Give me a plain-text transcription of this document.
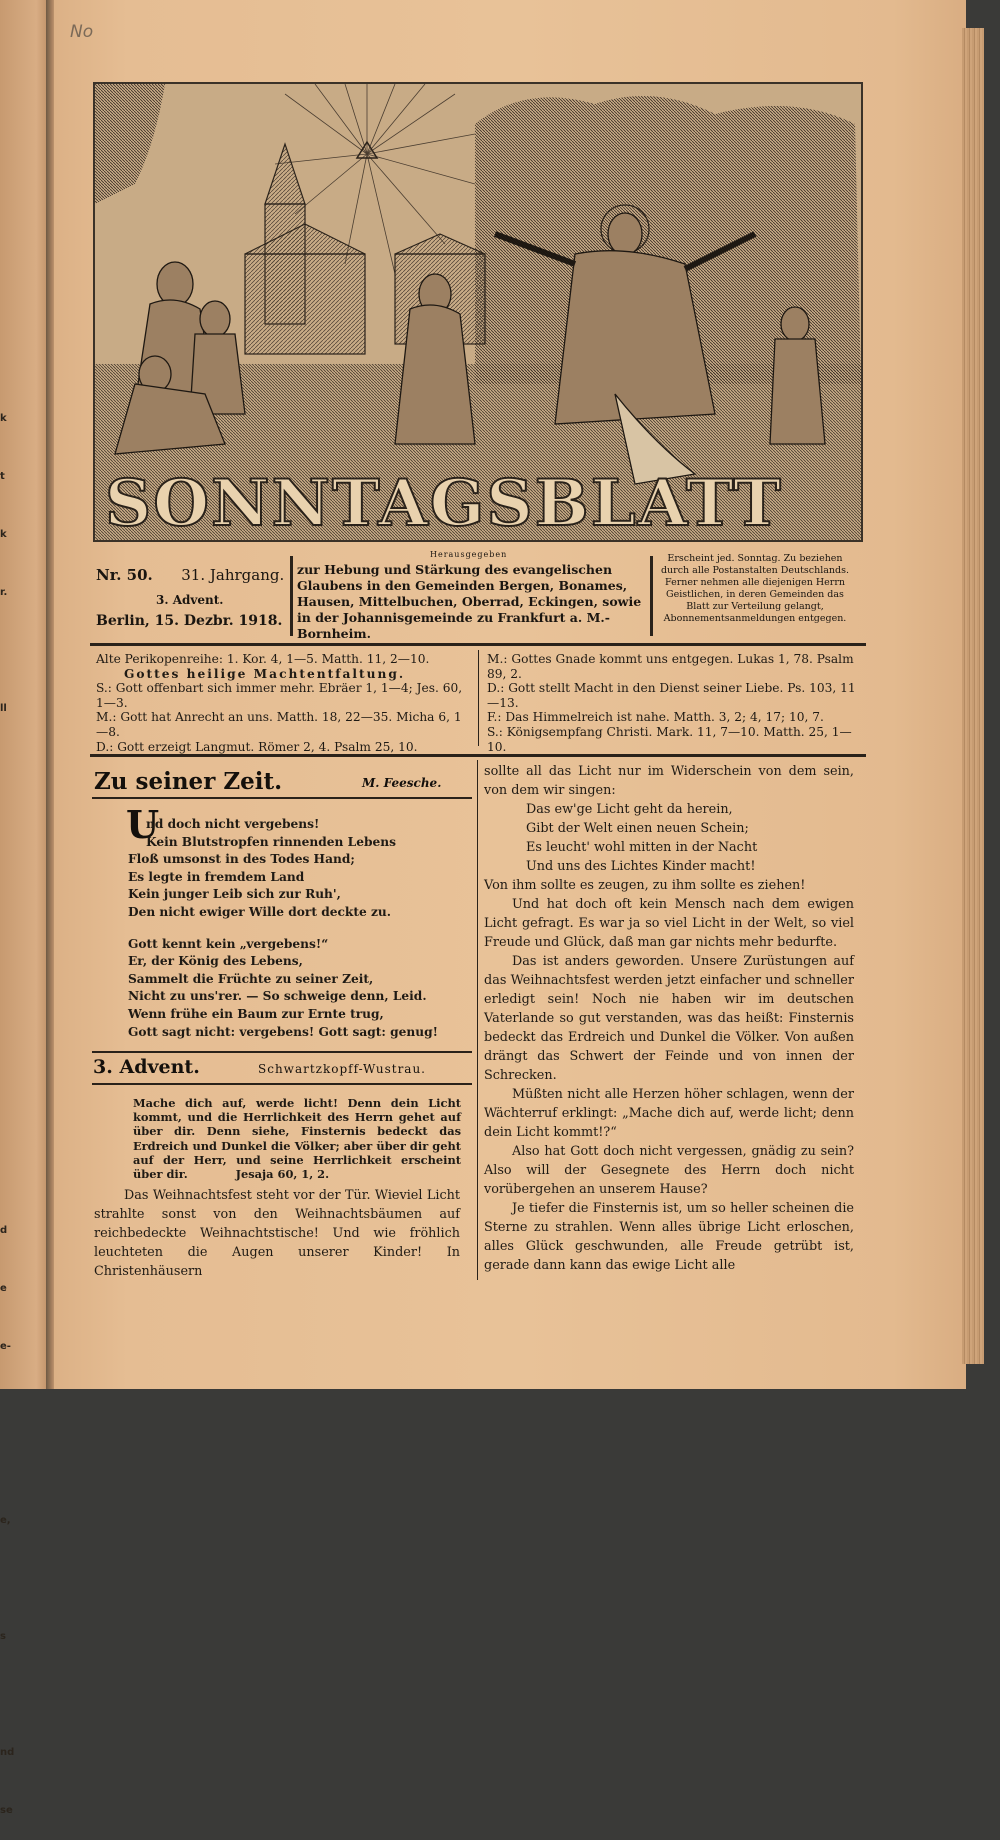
k
t
k
r.

ll

d
e
e-

e,

s

nd
se
No
SONNTAGSBLATT
Nr. 50. 31. Jahrgang.
3. Advent.
Berlin, 15. Dezbr. 1918.
Herausgegeben
zur Hebung und Stärkung des evangelischen Glaubens in den Gemeinden Bergen, Bonames, Hausen, Mittelbuchen, Oberrad, Eckingen, sowie in der Johannisgemeinde zu Frankfurt a. M.-Bornheim.
Erscheint jed. Sonntag. Zu beziehen durch alle Postanstalten Deutschlands. Ferner nehmen alle diejenigen Herrn Geistlichen, in deren Gemeinden das Blatt zur Verteilung gelangt, Abonnementsanmeldungen entgegen.
Alte Perikopenreihe: 1. Kor. 4, 1—5. Matth. 11, 2—10.
Gottes heilige Machtentfaltung.
S.: Gott offenbart sich immer mehr. Ebräer 1, 1—4; Jes. 60, 1—3.
M.: Gott hat Anrecht an uns. Matth. 18, 22—35. Micha 6, 1—8.
D.: Gott erzeigt Langmut. Römer 2, 4. Psalm 25, 10.
M.: Gottes Gnade kommt uns entgegen. Lukas 1, 78. Psalm 89, 2.
D.: Gott stellt Macht in den Dienst seiner Liebe. Ps. 103, 11—13.
F.: Das Himmelreich ist nahe. Matth. 3, 2; 4, 17; 10, 7.
S.: Königsempfang Christi. Mark. 11, 7—10. Matth. 25, 1—10.
Zu seiner Zeit.	M. Feesche.
U
nd doch nicht vergebens!
Kein Blutstropfen rinnenden Lebens
Floß umsonst in des Todes Hand;
Es legte in fremdem Land
Kein junger Leib sich zur Ruh',
Den nicht ewiger Wille dort deckte zu.
Gott kennt kein „vergebens!“
Er, der König des Lebens,
Sammelt die Früchte zu seiner Zeit,
Nicht zu uns'rer. — So schweige denn, Leid.
Wenn frühe ein Baum zur Ernte trug,
Gott sagt nicht: vergebens! Gott sagt: genug!
3. Advent.	Schwartzkopff-Wustrau.
Mache dich auf, werde licht! Denn dein Licht kommt, und die Herrlichkeit des Herrn gehet auf über dir. Denn siehe, Finsternis bedeckt das Erdreich und Dunkel die Völker; aber über dir geht auf der Herr, und seine Herrlichkeit erscheint über dir.	Jesaja 60, 1, 2.

Das Weihnachtsfest steht vor der Tür. Wieviel Licht strahlte sonst von den Weihnachtsbäumen auf reichbedeckte Weihnachtstische! Und wie fröhlich leuchteten die Augen unserer Kinder! In Christenhäusern

sollte all das Licht nur im Widerschein von dem sein, von dem wir singen:

Das ew'ge Licht geht da herein,

Gibt der Welt einen neuen Schein;

Es leucht' wohl mitten in der Nacht

Und uns des Lichtes Kinder macht!

Von ihm sollte es zeugen, zu ihm sollte es ziehen!

Und hat doch oft kein Mensch nach dem ewigen Licht gefragt. Es war ja so viel Licht in der Welt, so viel Freude und Glück, daß man gar nichts mehr bedurfte.

Das ist anders geworden. Unsere Zurüstungen auf das Weihnachtsfest werden jetzt einfacher und schneller erledigt sein! Noch nie haben wir im deutschen Vaterlande so gut verstanden, was das heißt: Finsternis bedeckt das Erdreich und Dunkel die Völker. Von außen drängt das Schwert der Feinde und von innen der Schrecken.

Müßten nicht alle Herzen höher schlagen, wenn der Wächterruf erklingt: „Mache dich auf, werde licht; denn dein Licht kommt!?“

Also hat Gott doch nicht vergessen, gnädig zu sein? Also will der Gesegnete des Herrn doch nicht vorübergehen an unserem Hause?

Je tiefer die Finsternis ist, um so heller scheinen die Sterne zu strahlen. Wenn alles übrige Licht erloschen, alles Glück geschwunden, alle Freude getrübt ist, gerade dann kann das ewige Licht alle
